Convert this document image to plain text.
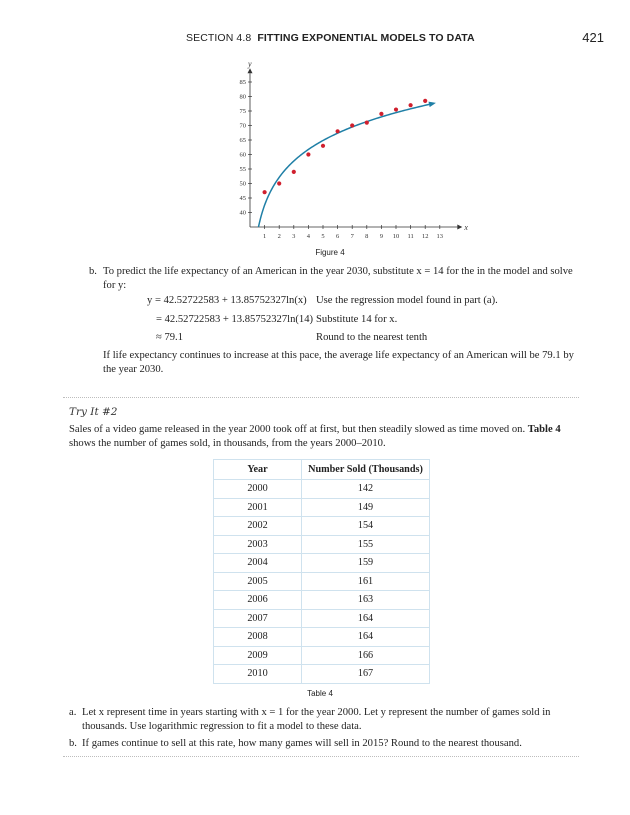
SECTION 4.8 FITTING EXPONENTIAL MODELS TO DATA	421
x
y
1 2 3 4 5 6 7 8 9 10 11 12 13
40
45
50
55
60
65
70
75
80
85
Figure 4
b. To predict the life expectancy of an American in the year 2030, substitute x = 14 for the in the model and solve
for y:
y = 42.52722583 + 13.85752327ln(x) Use the regression model found in part (a).
= 42.52722583 + 13.85752327ln(14) Substitute 14 for x.
≈ 79.1	Round to the nearest tenth
If life expectancy continues to increase at this pace, the average life expectancy of an American will be 79.1 by
the year 2030.
Try It #2
Sales of a video game released in the year 2000 took off at first, but then steadily slowed as time moved on. Table 4
shows the number of games sold, in thousands, from the years 2000–2010.
Year	Number Sold (Thousands)
2000	142
2001	149
2002	154
2003	155
2004	159
2005	161
2006	163
2007	164
2008	164
2009	166
2010	167
Table 4
a. Let x represent time in years starting with x = 1 for the year 2000. Let y represent the number of games sold in
thousands. Use logarithmic regression to fit a model to these data.
b. If games continue to sell at this rate, how many games will sell in 2015? Round to the nearest thousand.
